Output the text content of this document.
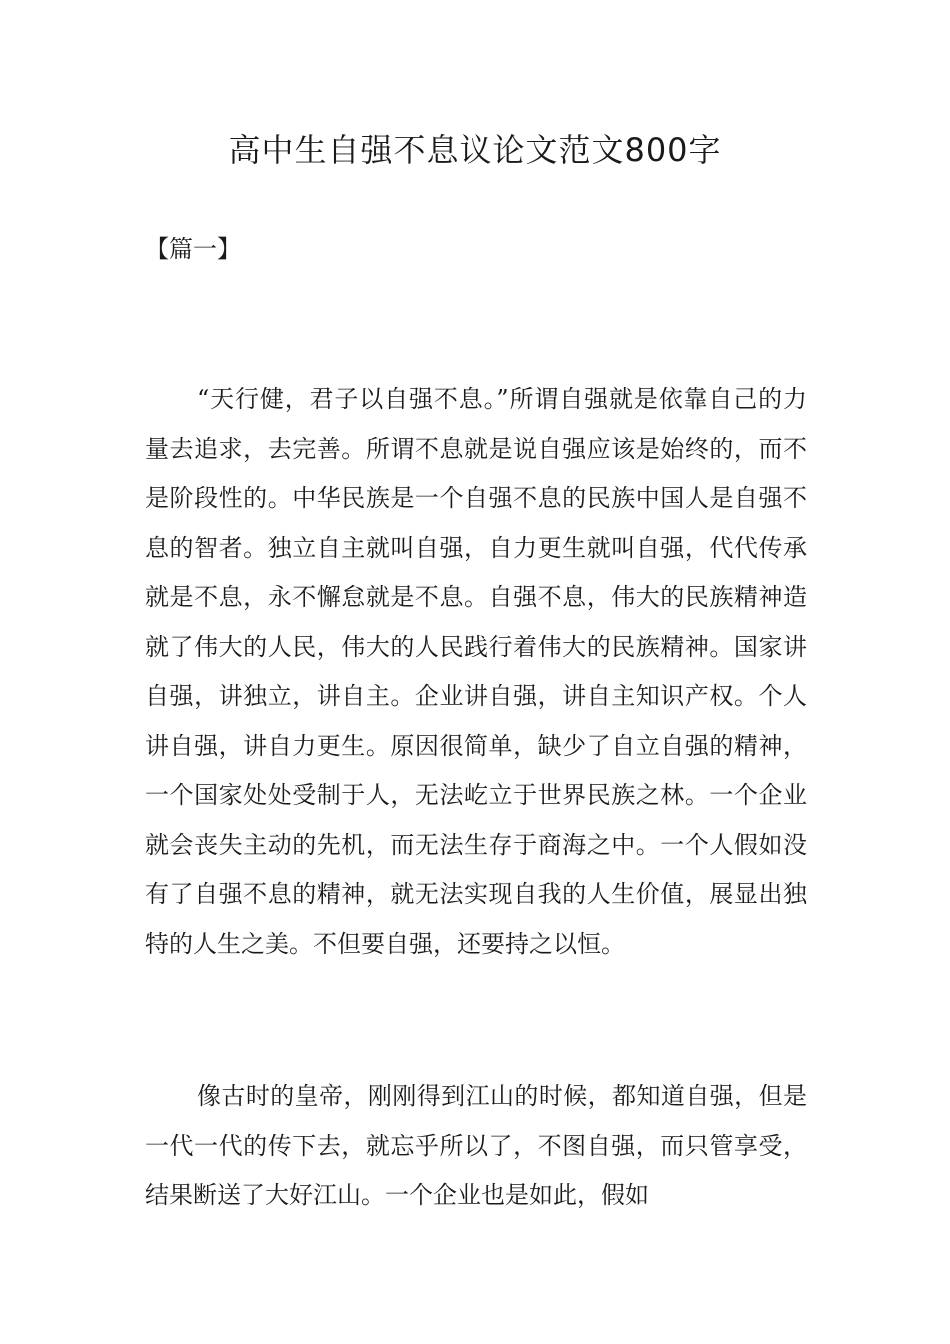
高中生自强不息议论文范文800字

【篇一】

“天行健，君子以自强不息。”所谓自强就是依靠自己的力量去追求，去完善。所谓不息就是说自强应该是始终的，而不是阶段性的。中华民族是一个自强不息的民族中国人是自强不息的智者。独立自主就叫自强，自力更生就叫自强，代代传承就是不息，永不懈怠就是不息。自强不息，伟大的民族精神造就了伟大的人民，伟大的人民践行着伟大的民族精神。国家讲自强，讲独立，讲自主。企业讲自强，讲自主知识产权。个人讲自强，讲自力更生。原因很简单，缺少了自立自强的精神，一个国家处处受制于人，无法屹立于世界民族之林。一个企业就会丧失主动的先机，而无法生存于商海之中。一个人假如没有了自强不息的精神，就无法实现自我的人生价值，展显出独特的人生之美。不但要自强，还要持之以恒。

像古时的皇帝，刚刚得到江山的时候，都知道自强，但是一代一代的传下去，就忘乎所以了，不图自强，而只管享受，结果断送了大好江山。一个企业也是如此，假如
